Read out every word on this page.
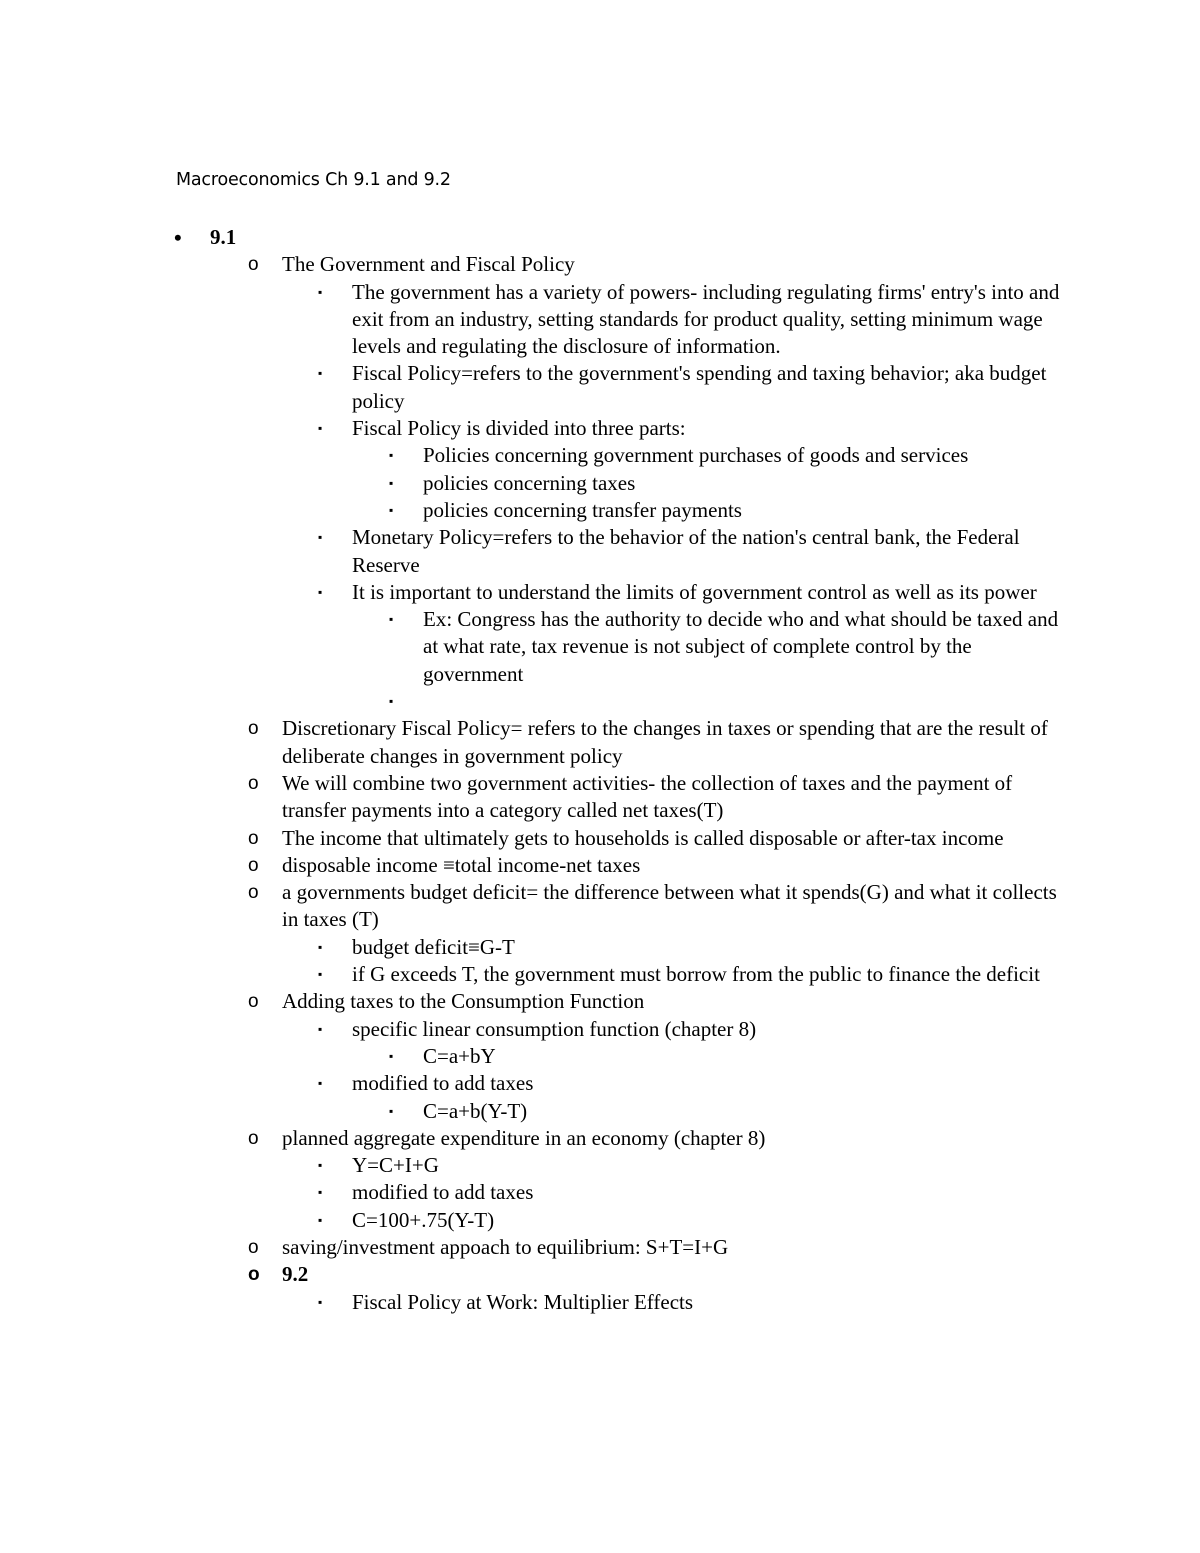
Macroeconomics Ch 9.1 and 9.2
• 9.1
o The Government and Fiscal Policy
▪ The government has a variety of powers- including regulating firms' entry's into and exit from an industry, setting standards for product quality, setting minimum wage levels and regulating the disclosure of information.
▪ Fiscal Policy=refers to the government's spending and taxing behavior; aka budget policy
▪ Fiscal Policy is divided into three parts:
▪ Policies concerning government purchases of goods and services
▪ policies concerning taxes
▪ policies concerning transfer payments
▪ Monetary Policy=refers to the behavior of the nation's central bank, the Federal Reserve
▪ It is important to understand the limits of government control as well as its power
▪ Ex: Congress has the authority to decide who and what should be taxed and at what rate, tax revenue is not subject of complete control by the government
▪

o Discretionary Fiscal Policy= refers to the changes in taxes or spending that are the result of deliberate changes in government policy
o We will combine two government activities- the collection of taxes and the payment of transfer payments into a category called net taxes(T)
o The income that ultimately gets to households is called disposable or after-tax income
o disposable income ≡total income-net taxes
o a governments budget deficit= the difference between what it spends(G) and what it collects in taxes (T)
▪ budget deficit≡G-T
▪ if G exceeds T, the government must borrow from the public to finance the deficit
o Adding taxes to the Consumption Function
▪ specific linear consumption function (chapter 8)
▪ C=a+bY
▪ modified to add taxes
▪ C=a+b(Y-T)
o planned aggregate expenditure in an economy (chapter 8)
▪ Y=C+I+G
▪ modified to add taxes
▪ C=100+.75(Y-T)
o saving/investment appoach to equilibrium: S+T=I+G
o 9.2
▪ Fiscal Policy at Work: Multiplier Effects
